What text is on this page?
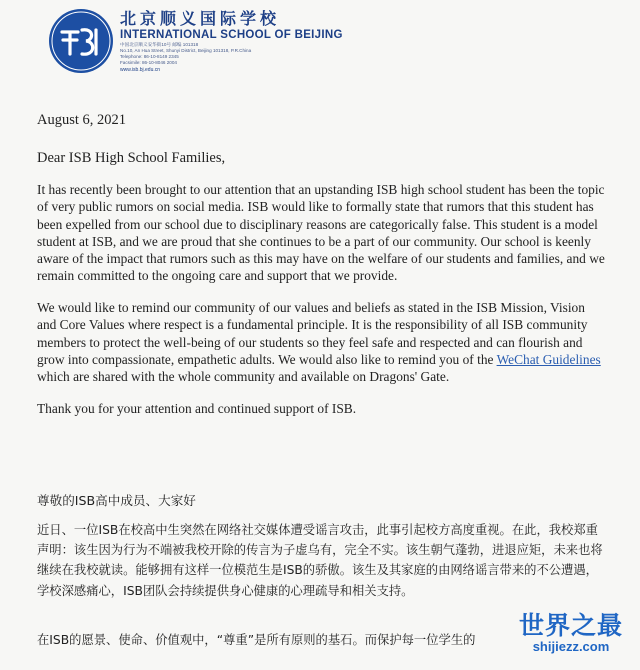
北京顺义国际学校
INTERNATIONAL SCHOOL OF BEIJING
中国北京顺义安华街10号 邮编 101318
No.10, An Hua Street, Shunyi District, Beijing 101318, P.R.China
Telephone: 86-10-8149 2345
Facsimile: 86-10-8046 2004
www.isb.bj.edu.cn
August 6, 2021
Dear ISB High School Families,

It has recently been brought to our attention that an upstanding ISB high school student has been the topic of very public rumors on social media. ISB would like to formally state that rumors that this student has been expelled from our school due to disciplinary reasons are categorically false. This student is a model student at ISB, and we are proud that she continues to be a part of our community. Our school is keenly aware of the impact that rumors such as this may have on the welfare of our students and families, and we remain committed to the ongoing care and support that we provide.

We would like to remind our community of our values and beliefs as stated in the ISB Mission, Vision and Core Values where respect is a fundamental principle. It is the responsibility of all ISB community members to protect the well-being of our students so they feel safe and respected and can flourish and grow into compassionate, empathetic adults. We would also like to remind you of the WeChat Guidelines which are shared with the whole community and available on Dragons' Gate.

Thank you for your attention and continued support of ISB.

尊敬的ISB高中成员、大家好

近日、一位ISB在校高中生突然在网络社交媒体遭受谣言攻击，此事引起校方高度重视。在此，我校郑重声明：该生因为行为不端被我校开除的传言为子虚乌有，完全不实。该生朝气蓬勃，进退应矩，未来也将继续在我校就读。能够拥有这样一位模范生是ISB的骄傲。该生及其家庭的由网络谣言带来的不公遭遇，学校深感痛心，ISB团队会持续提供身心健康的心理疏导和相关支持。

在ISB的愿景、使命、价值观中，“尊重”是所有原则的基石。而保护每一位学生的	世界之最
shijiezz.com
